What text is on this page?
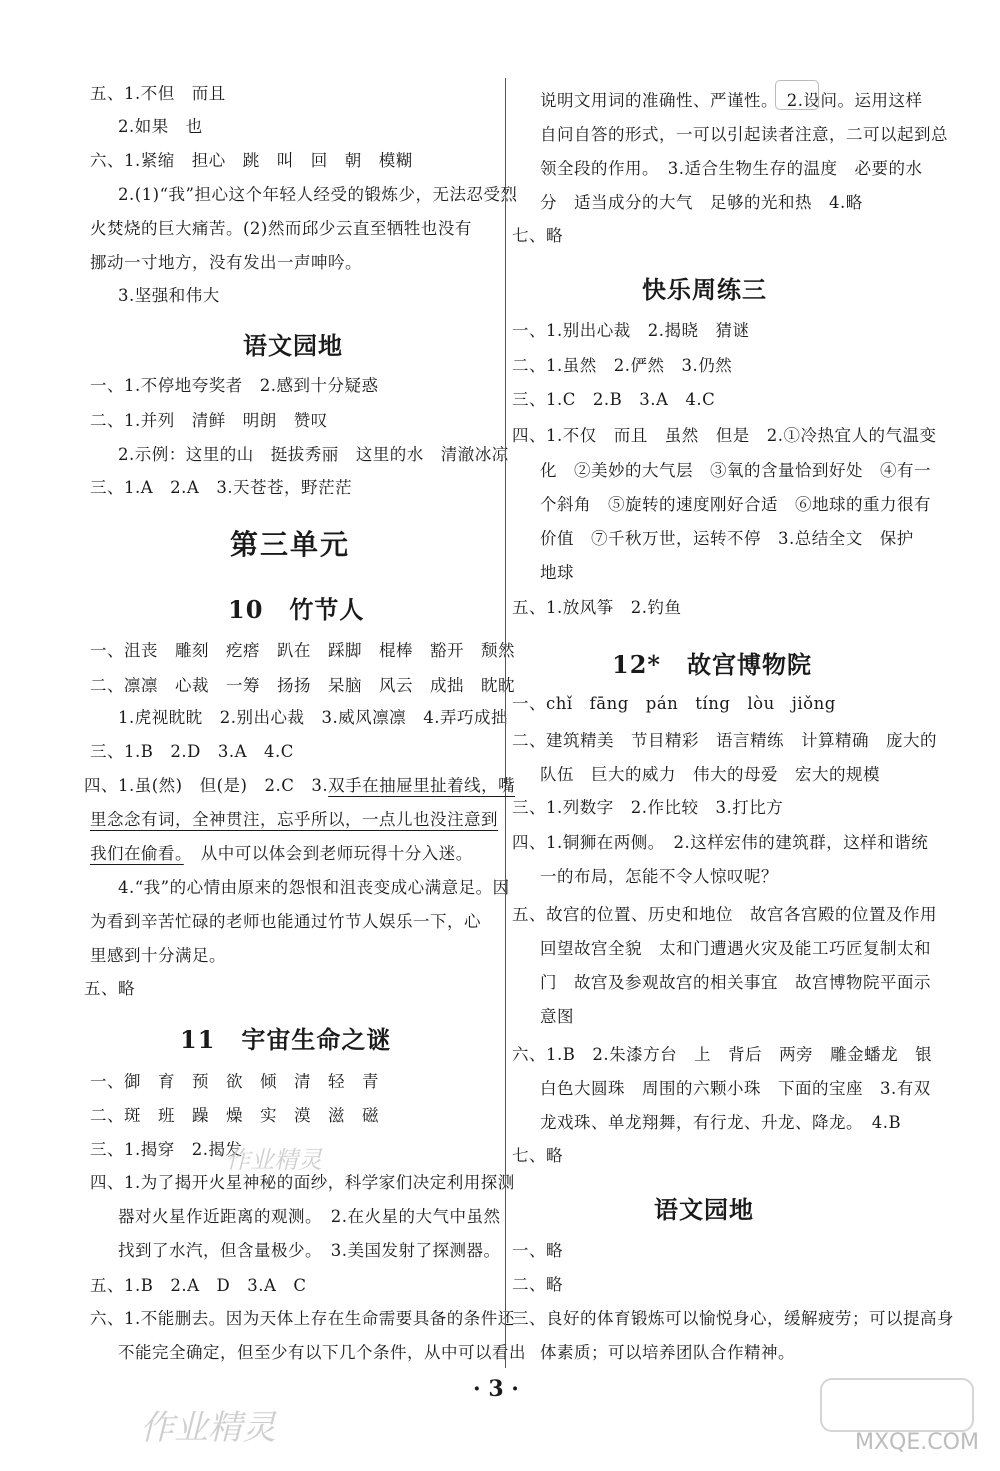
五、1.不但　而且
2.如果　也
六、1.紧缩　担心　跳　叫　回　朝　模糊
2.(1)“我”担心这个年轻人经受的锻炼少，无法忍受烈
火焚烧的巨大痛苦。(2)然而邱少云直至牺牲也没有
挪动一寸地方，没有发出一声呻吟。
3.坚强和伟大
一、1.不停地夸奖者　2.感到十分疑惑
二、1.并列　清鲜　明朗　赞叹
2.示例：这里的山　挺拔秀丽　这里的水　清澈冰凉
三、1.A　2.A　3.天苍苍，野茫茫
一、沮丧　雕刻　疙瘩　趴在　踩脚　棍棒　豁开　颓然
二、凛凛　心裁　一筹　扬扬　呆脑　风云　成拙　眈眈
1.虎视眈眈　2.别出心裁　3.威风凛凛　4.弄巧成拙
三、1.B　2.D　3.A　4.C
4.“我”的心情由原来的怨恨和沮丧变成心满意足。因
为看到辛苦忙碌的老师也能通过竹节人娱乐一下，心
里感到十分满足。
五、略
一、御　育　预　欲　倾　清　轻　青
二、斑　班　躁　燥　实　漠　滋　磁
三、1.揭穿　2.揭发
四、1.为了揭开火星神秘的面纱，科学家们决定利用探测
器对火星作近距离的观测。　2.在火星的大气中虽然
找到了水汽，但含量极少。　3.美国发射了探测器。
五、1.B　2.A　D　3.A　C
六、1.不能删去。因为天体上存在生命需要具备的条件还
不能完全确定，但至少有以下几个条件，从中可以看出
语文园地
第三单元
10 竹节人
11 宇宙生命之谜
说明文用词的准确性、严谨性。　2.设问。运用这样
自问自答的形式，一可以引起读者注意，二可以起到总
领全段的作用。　3.适合生物生存的温度　必要的水
分　适当成分的大气　足够的光和热　4.略
七、略
一、1.别出心裁　2.揭晓　猜谜
二、1.虽然　2.俨然　3.仍然
三、1.C　2.B　3.A　4.C
四、1.不仅　而且　虽然　但是　2.①冷热宜人的气温变
化　②美妙的大气层　③氧的含量恰到好处　④有一
个斜角　⑤旋转的速度刚好合适　⑥地球的重力很有
价值　⑦千秋万世，运转不停　3.总结全文　保护
地球
五、1.放风筝　2.钓鱼
一、chǐ　fāng　pán　tíng　lòu　jiǒng
二、建筑精美　节目精彩　语言精练　计算精确　庞大的
队伍　巨大的威力　伟大的母爱　宏大的规模
三、1.列数字　2.作比较　3.打比方
四、1.铜狮在两侧。　2.这样宏伟的建筑群，这样和谐统
一的布局，怎能不令人惊叹呢？
五、故宫的位置、历史和地位　故宫各宫殿的位置及作用
回望故宫全貌　太和门遭遇火灾及能工巧匠复制太和
门　故宫及参观故宫的相关事宜　故宫博物院平面示
意图
六、1.B　2.朱漆方台　上　背后　两旁　雕金蟠龙　银
白色大圆珠　周围的六颗小珠　下面的宝座　3.有双
龙戏珠、单龙翔舞，有行龙、升龙、降龙。　4.B
七、略
一、略
二、略
三、良好的体育锻炼可以愉悦身心，缓解疲劳；可以提高身
体素质；可以培养团队合作精神。
快乐周练三
12* 故宫博物院
语文园地
四、1.虽(然)　但(是)　2.C　3.双手在抽屉里扯着线，嘴
里念念有词，全神贯注，忘乎所以，一点儿也没注意到
我们在偷看。　从中可以体会到老师玩得十分入迷。
· 3 ·
作业精灵
作业精灵
MXQE.COM
